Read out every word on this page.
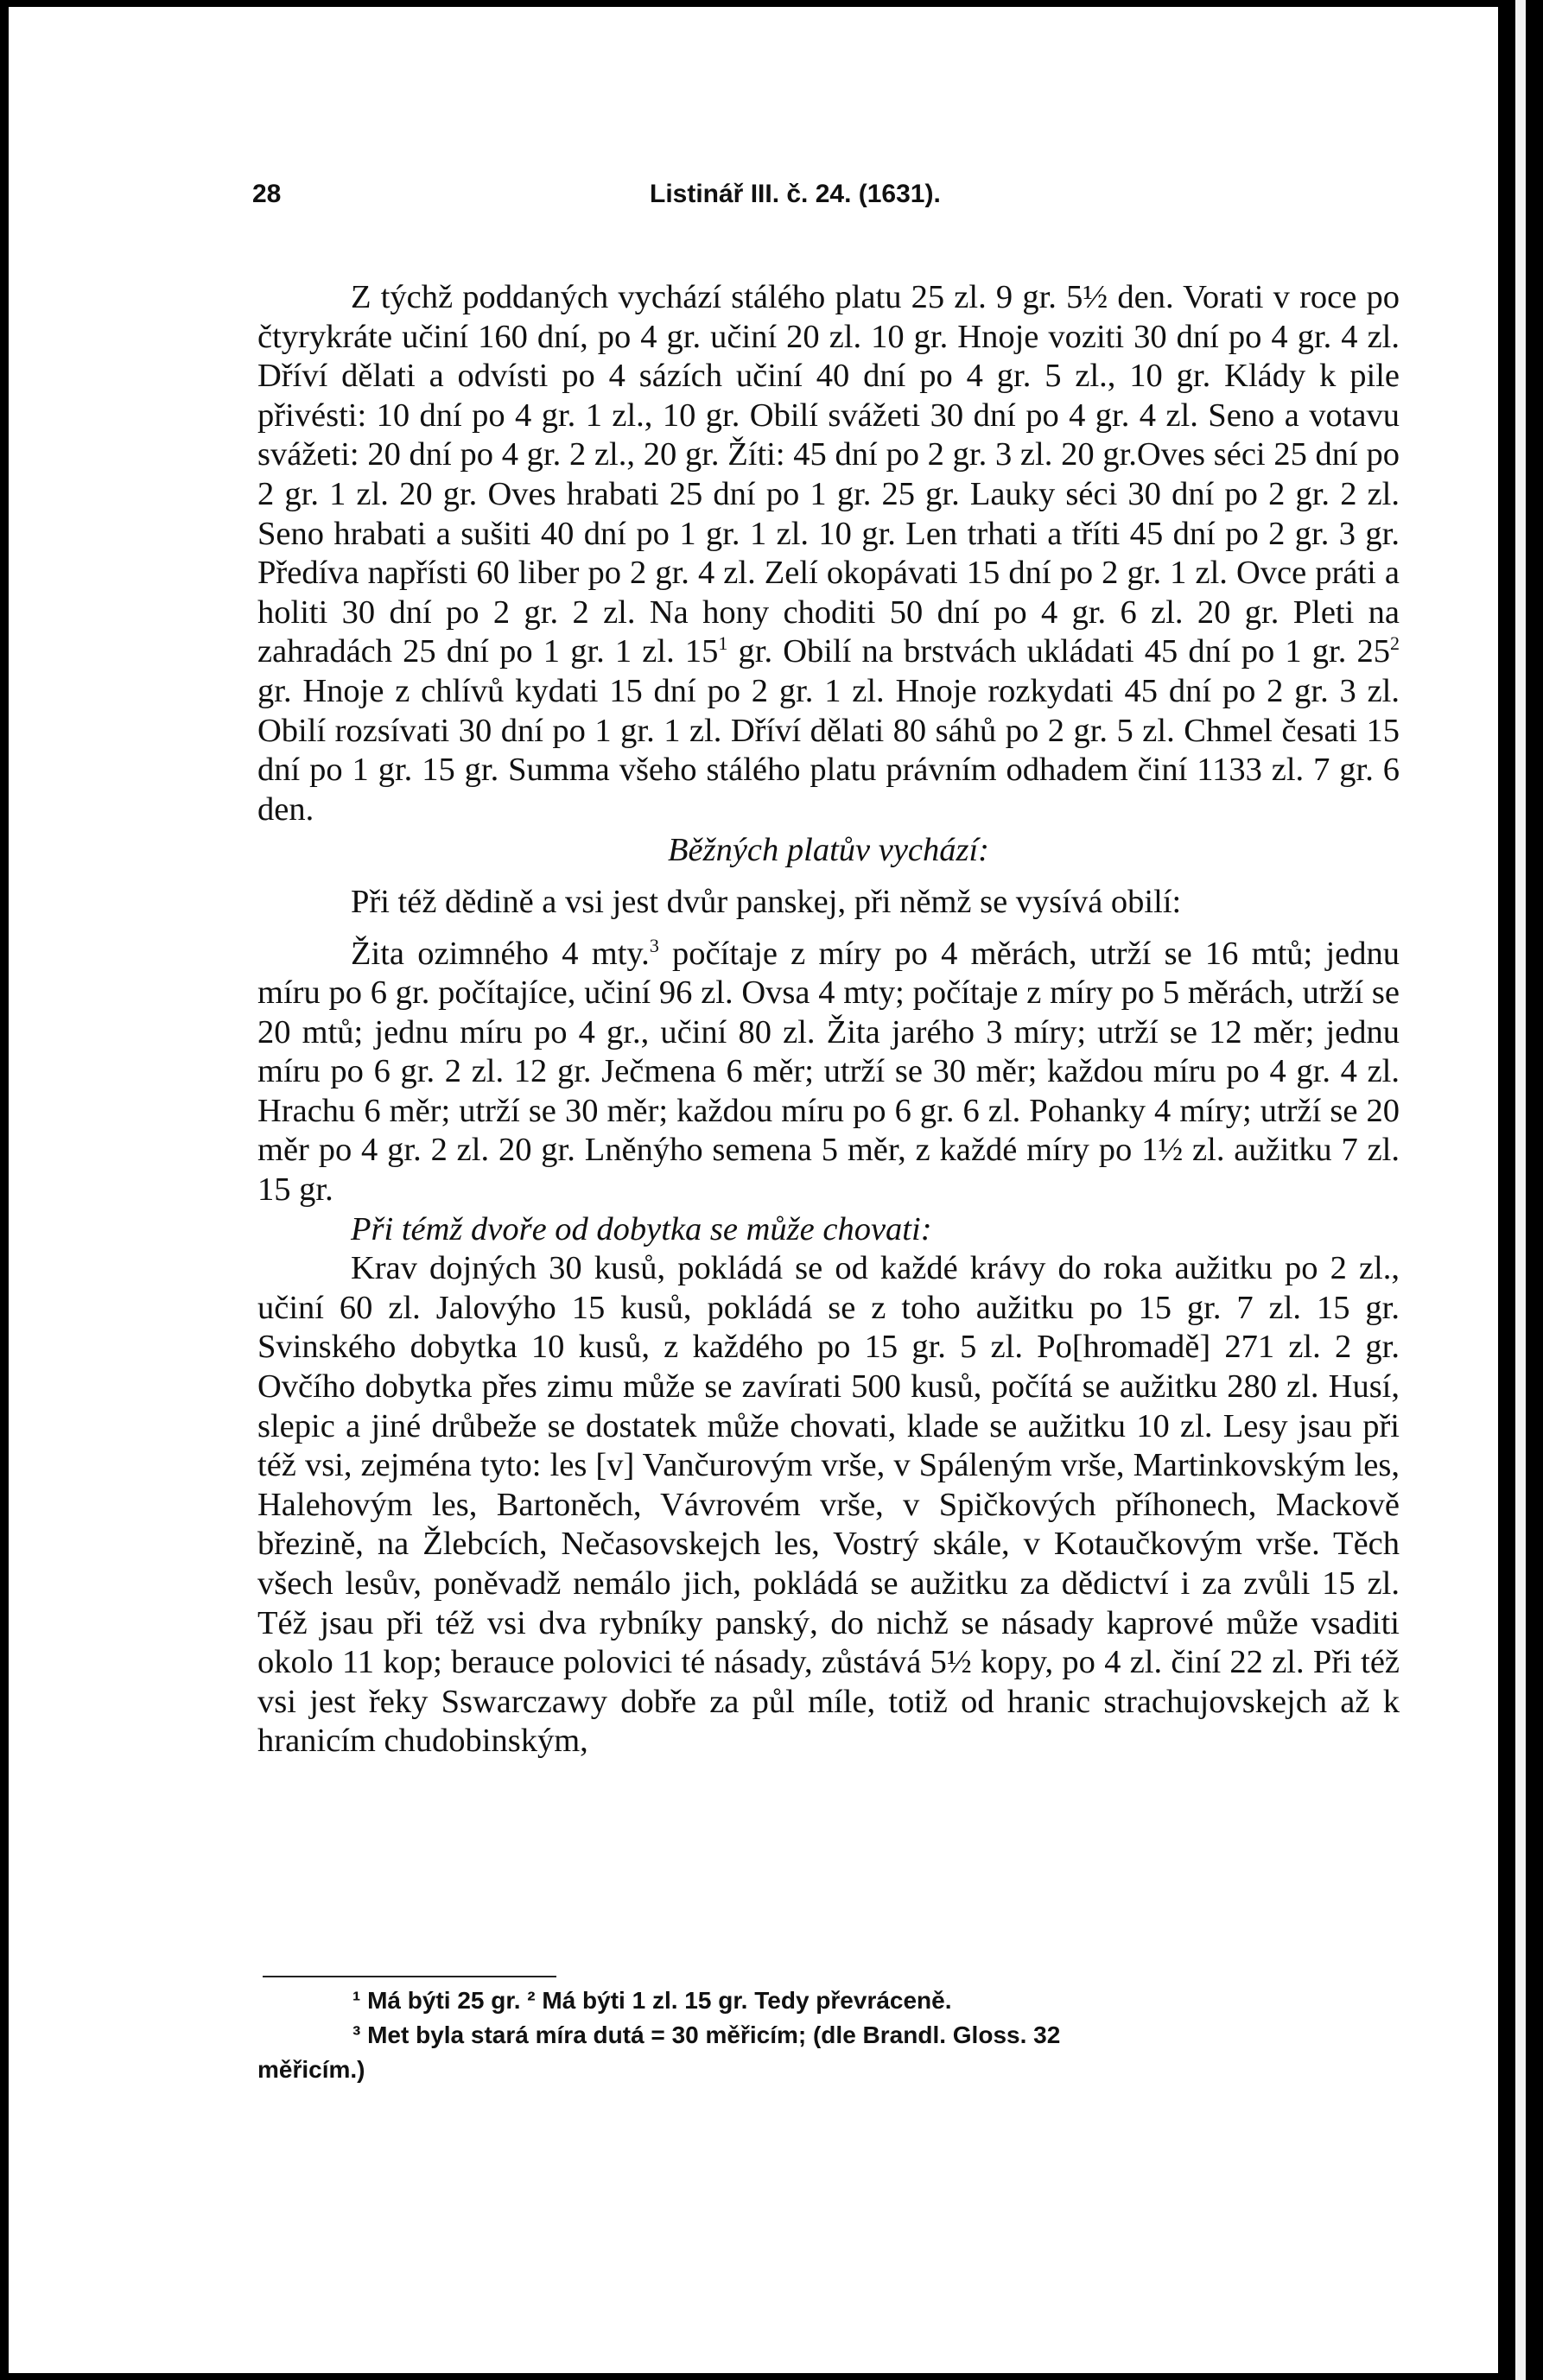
28	Listinář III. č. 24. (1631).

Z týchž poddaných vychází stálého platu 25 zl. 9 gr. 5½ den. Vorati v roce po čtyrykráte učiní 160 dní, po 4 gr. učiní 20 zl. 10 gr. Hnoje voziti 30 dní po 4 gr. 4 zl. Dříví dělati a odvísti po 4 sázích učiní 40 dní po 4 gr. 5 zl., 10 gr. Klády k pile přivésti: 10 dní po 4 gr. 1 zl., 10 gr. Obilí svážeti 30 dní po 4 gr. 4 zl. Seno a votavu svážeti: 20 dní po 4 gr. 2 zl., 20 gr. Žíti: 45 dní po 2 gr. 3 zl. 20 gr.Oves séci 25 dní po 2 gr. 1 zl. 20 gr. Oves hrabati 25 dní po 1 gr. 25 gr. Lauky séci 30 dní po 2 gr. 2 zl. Seno hrabati a sušiti 40 dní po 1 gr. 1 zl. 10 gr. Len trhati a tříti 45 dní po 2 gr. 3 gr. Předíva napřísti 60 liber po 2 gr. 4 zl. Zelí okopávati 15 dní po 2 gr. 1 zl. Ovce práti a holiti 30 dní po 2 gr. 2 zl. Na hony choditi 50 dní po 4 gr. 6 zl. 20 gr. Pleti na zahradách 25 dní po 1 gr. 1 zl. $15^1$ gr. Obilí na brstvách ukládati 45 dní po 1 gr. $25^2$ gr. Hnoje z chlívů kydati 15 dní po 2 gr. 1 zl. Hnoje rozkydati 45 dní po 2 gr. 3 zl. Obilí rozsívati 30 dní po 1 gr. 1 zl. Dříví dělati 80 sáhů po 2 gr. 5 zl. Chmel česati 15 dní po 1 gr. 15 gr. Summa všeho stálého platu právním odhadem činí 1133 zl. 7 gr. 6 den.

Běžných platův vychází:

Při též dědině a vsi jest dvůr panskej, při němž se vysívá obilí:

Žita ozimného 4 mty.$^3$ počítaje z míry po 4 měrách, utrží se 16 mtů; jednu míru po 6 gr. počítajíce, učiní 96 zl. Ovsa 4 mty; počítaje z míry po 5 měrách, utrží se 20 mtů; jednu míru po 4 gr., učiní 80 zl. Žita jarého 3 míry; utrží se 12 měr; jednu míru po 6 gr. 2 zl. 12 gr. Ječmena 6 měr; utrží se 30 měr; každou míru po 4 gr. 4 zl. Hrachu 6 měr; utrží se 30 měr; každou míru po 6 gr. 6 zl. Pohanky 4 míry; utrží se 20 měr po 4 gr. 2 zl. 20 gr. Lněnýho semena 5 měr, z každé míry po 1½ zl. aužitku 7 zl. 15 gr.

Při témž dvoře od dobytka se může chovati:

Krav dojných 30 kusů, pokládá se od každé krávy do roka aužitku po 2 zl., učiní 60 zl. Jalovýho 15 kusů, pokládá se z toho aužitku po 15 gr. 7 zl. 15 gr. Svinského dobytka 10 kusů, z každého po 15 gr. 5 zl. Po[hromadě] 271 zl. 2 gr. Ovčího dobytka přes zimu může se zavírati 500 kusů, počítá se aužitku 280 zl. Husí, slepic a jiné drůbeže se dostatek může chovati, klade se aužitku 10 zl. Lesy jsau při též vsi, zejména tyto: les [v] Vančurovým vrše, v Spáleným vrše, Martinkovským les, Halehovým les, Bartoněch, Vávrovém vrše, v Spičkových příhonech, Mackově březině, na Žlebcích, Nečasovskejch les, Vostrý skále, v Kotaučkovým vrše. Těch všech lesův, poněvadž nemálo jich, pokládá se aužitku za dědictví i za zvůli 15 zl. Též jsau při též vsi dva rybníky panský, do nichž se násady kaprové může vsaditi okolo 11 kop; berauce polovici té násady, zůstává 5½ kopy, po 4 zl. činí 22 zl. Při též vsi jest řeky Sswarczawy dobře za půl míle, totiž od hranic strachujovskejch až k hranicím chudobinským,

¹ Má býti 25 gr. ² Má býti 1 zl. 15 gr. Tedy převráceně.

³ Met byla stará míra dutá = 30 měřicím; (dle Brandl. Gloss. 32

měřicím.)
